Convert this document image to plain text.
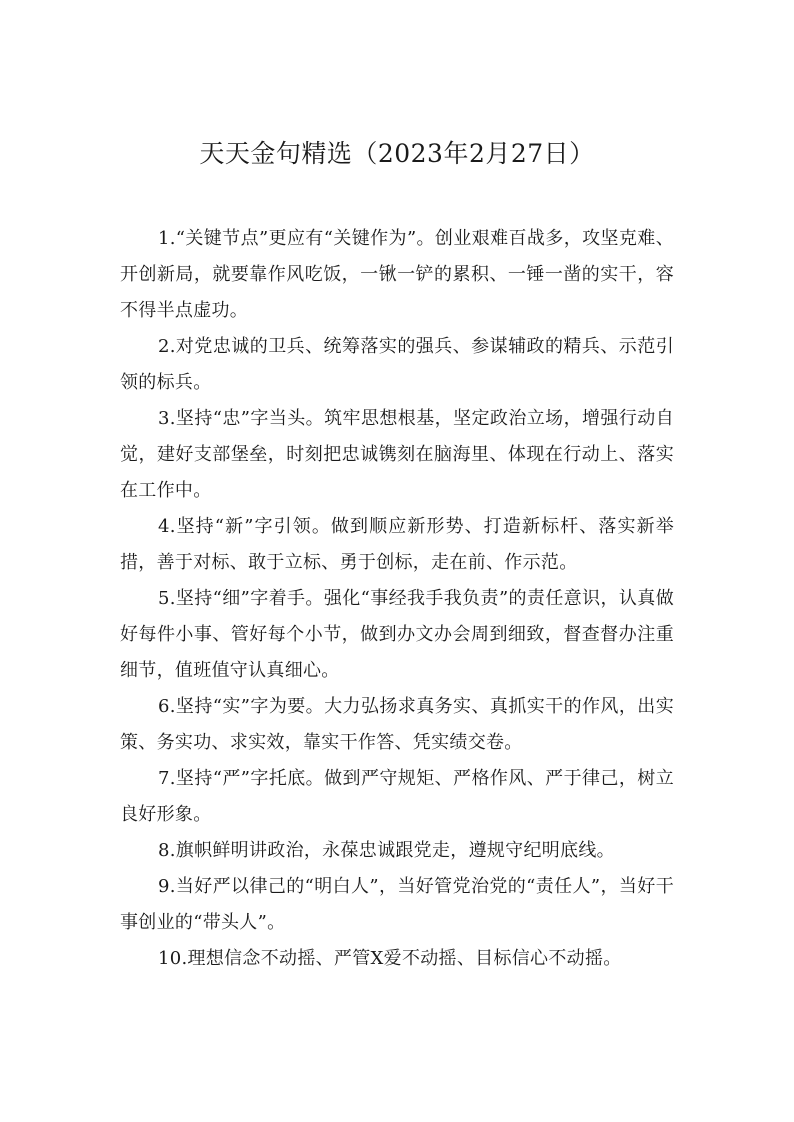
天天金句精选（2023年2月27日）

1.“关键节点”更应有“关键作为”。创业艰难百战多，攻坚克难、开创新局，就要靠作风吃饭，一锹一铲的累积、一锤一凿的实干，容不得半点虚功。

2.对党忠诚的卫兵、统筹落实的强兵、参谋辅政的精兵、示范引领的标兵。

3.坚持“忠”字当头。筑牢思想根基，坚定政治立场，增强行动自觉，建好支部堡垒，时刻把忠诚镌刻在脑海里、体现在行动上、落实在工作中。

4.坚持“新”字引领。做到顺应新形势、打造新标杆、落实新举措，善于对标、敢于立标、勇于创标，走在前、作示范。

5.坚持“细”字着手。强化“事经我手我负责”的责任意识，认真做好每件小事、管好每个小节，做到办文办会周到细致，督查督办注重细节，值班值守认真细心。

6.坚持“实”字为要。大力弘扬求真务实、真抓实干的作风，出实策、务实功、求实效，靠实干作答、凭实绩交卷。

7.坚持“严”字托底。做到严守规矩、严格作风、严于律己，树立良好形象。

8.旗帜鲜明讲政治，永葆忠诚跟党走，遵规守纪明底线。

9.当好严以律己的“明白人”，当好管党治党的“责任人”，当好干事创业的“带头人”。

10.理想信念不动摇、严管X爱不动摇、目标信心不动摇。
